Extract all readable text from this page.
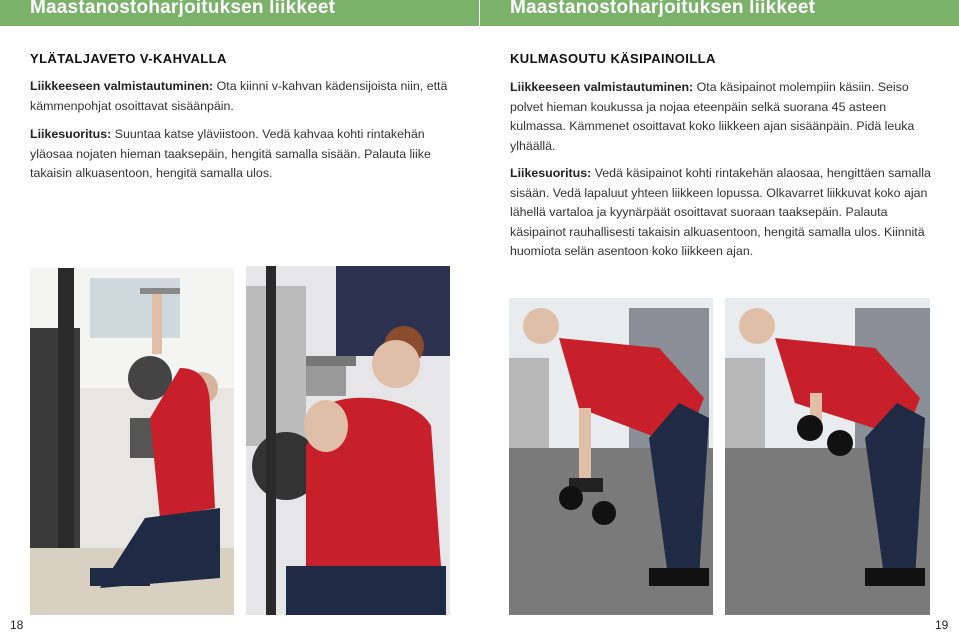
Maastanostoharjoituksen liikkeet
YLÄTALJAVETO V-KAHVALLA
Liikkeeseen valmistautuminen: Ota kiinni v-kahvan kädensijoista niin, että kämmenpohjat osoittavat sisäänpäin.
Liikesuoritus: Suuntaa katse yläviistoon. Vedä kahvaa kohti rintakehän yläosaa nojaten hieman taaksepäin, hengitä samalla sisään. Palauta liike takaisin alkuasentoon, hengitä samalla ulos.
18
Maastanostoharjoituksen liikkeet
KULMASOUTU KÄSIPAINOILLA
Liikkeeseen valmistautuminen: Ota käsipainot molempiin käsiin. Seiso polvet hieman koukussa ja nojaa eteenpäin selkä suorana 45 asteen kulmassa. Kämmenet osoittavat koko liikkeen ajan sisäänpäin. Pidä leuka ylhäällä.
Liikesuoritus: Vedä käsipainot kohti rintakehän alaosaa, hengittäen samalla sisään. Vedä lapaluut yhteen liikkeen lopussa. Olkavarret liikkuvat koko ajan lähellä vartaloa ja kyynärpäät osoittavat suoraan taaksepäin. Palauta käsipainot rauhallisesti takaisin alkuasentoon, hengitä samalla ulos. Kiinnitä huomiota selän asentoon koko liikkeen ajan.
19
